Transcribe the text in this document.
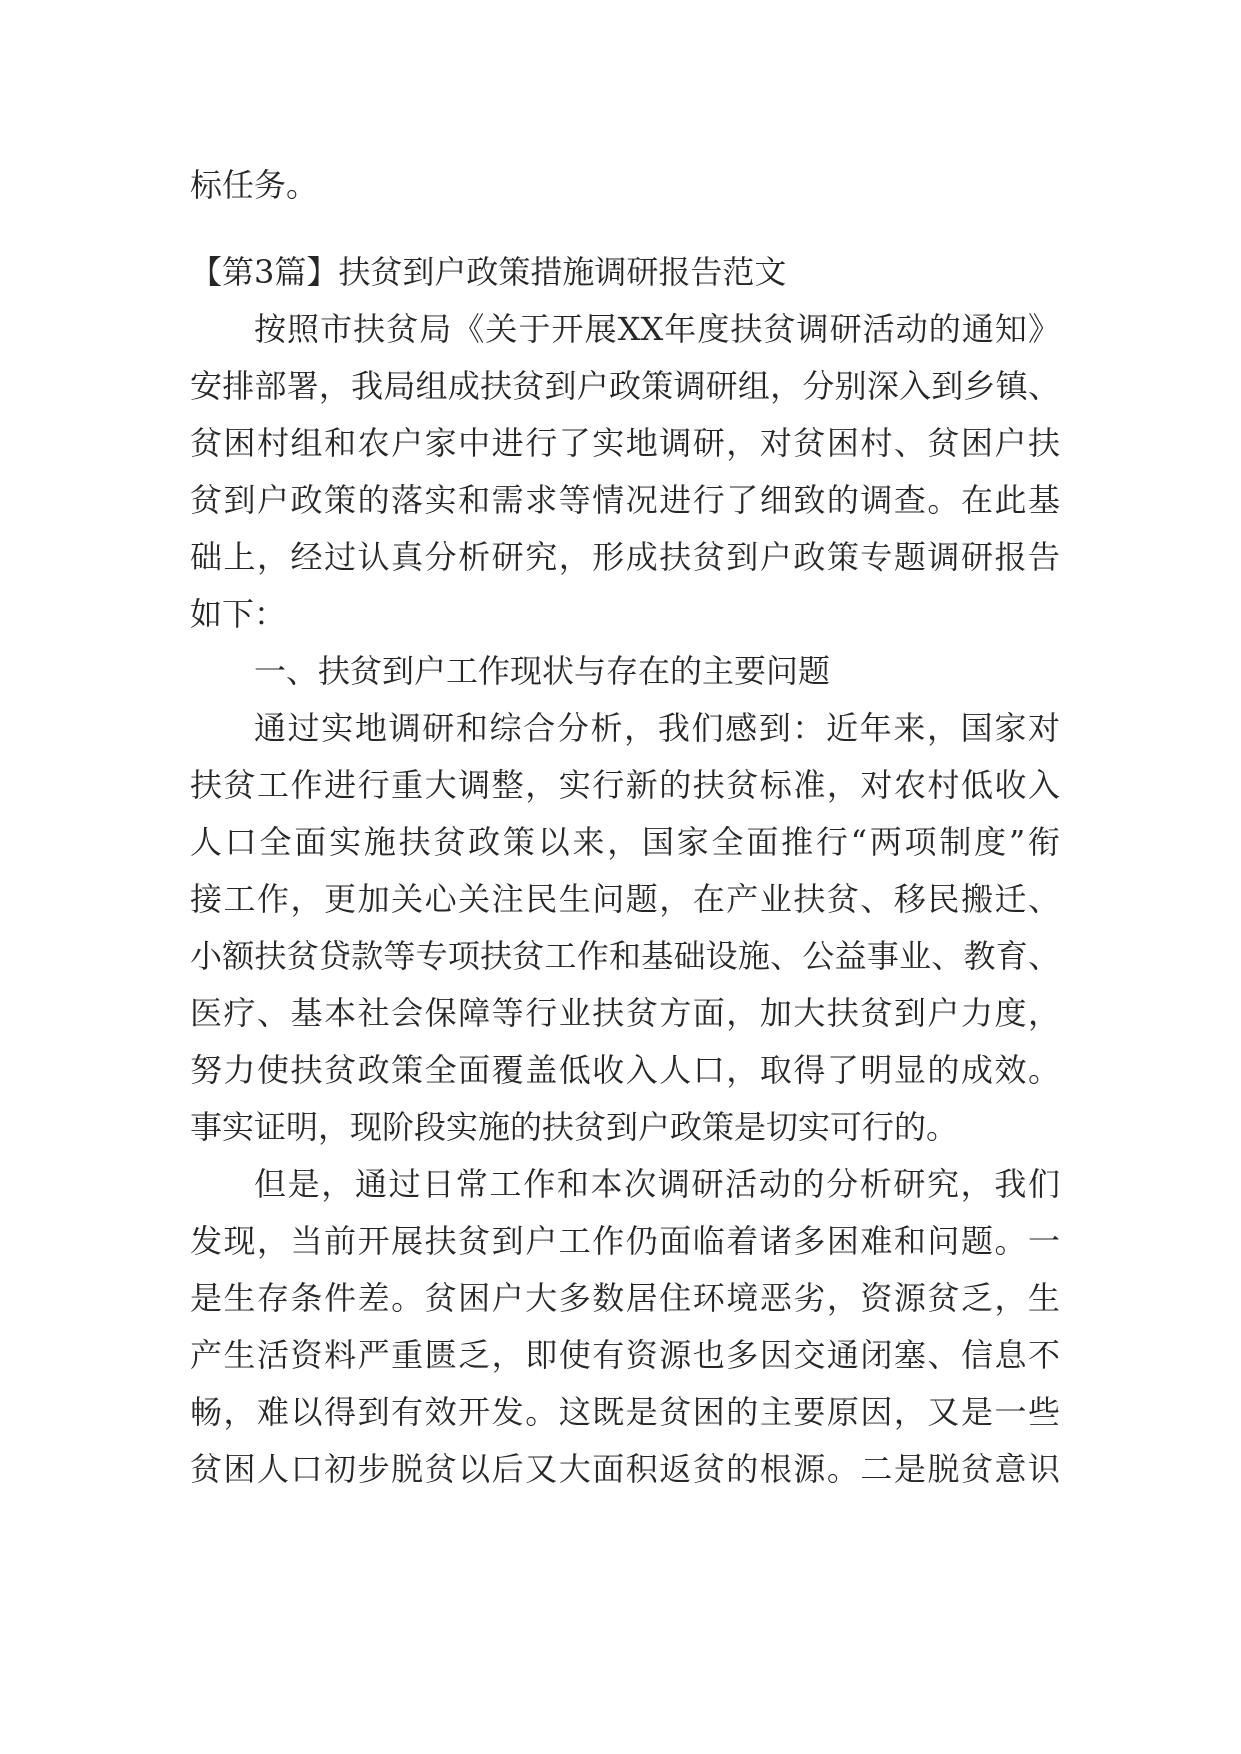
标任务。
【第3篇】扶贫到户政策措施调研报告范文
按照市扶贫局《关于开展XX年度扶贫调研活动的通知》
安排部署，我局组成扶贫到户政策调研组，分别深入到乡镇、
贫困村组和农户家中进行了实地调研，对贫困村、贫困户扶
贫到户政策的落实和需求等情况进行了细致的调查。在此基
础上，经过认真分析研究，形成扶贫到户政策专题调研报告
如下：
一、扶贫到户工作现状与存在的主要问题
通过实地调研和综合分析，我们感到：近年来，国家对
扶贫工作进行重大调整，实行新的扶贫标准，对农村低收入
人口全面实施扶贫政策以来，国家全面推行“两项制度”衔
接工作，更加关心关注民生问题，在产业扶贫、移民搬迁、
小额扶贫贷款等专项扶贫工作和基础设施、公益事业、教育、
医疗、基本社会保障等行业扶贫方面，加大扶贫到户力度，
努力使扶贫政策全面覆盖低收入人口，取得了明显的成效。
事实证明，现阶段实施的扶贫到户政策是切实可行的。
但是，通过日常工作和本次调研活动的分析研究，我们
发现，当前开展扶贫到户工作仍面临着诸多困难和问题。一
是生存条件差。贫困户大多数居住环境恶劣，资源贫乏，生
产生活资料严重匮乏，即使有资源也多因交通闭塞、信息不
畅，难以得到有效开发。这既是贫困的主要原因，又是一些
贫困人口初步脱贫以后又大面积返贫的根源。二是脱贫意识
